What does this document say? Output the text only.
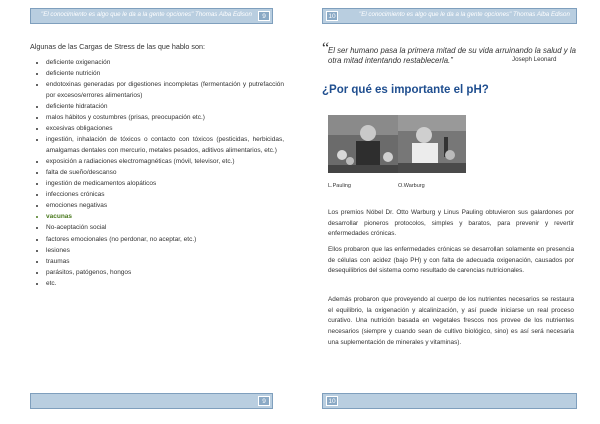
"El conocimiento es algo que le da a la gente opciones" Thomas Alba Edison	9
Algunas de las Cargas de Stress de las que hablo son:
• deficiente oxigenación
• deficiente nutrición
• endotoxinas generadas por digestiones incompletas (fermentación y putrefacción por excesos/errores alimentarios)
• deficiente hidratación
• malos hábitos y costumbres (prisas, preocupación etc.)
• excesivas obligaciones
• ingestión, inhalación de tóxicos o contacto con tóxicos (pesticidas, herbicidas, amalgamas dentales con mercurio, metales pesados, aditivos alimentarios, etc.)
• exposición a radiaciones electromagnéticas (móvil, televisor, etc.)
• falta de sueño/descanso
• ingestión de medicamentos alopáticos
• infecciones crónicas
• emociones negativas
• vacunas
• No-aceptación social
• factores emocionales (no perdonar, no aceptar, etc.)
• lesiones
• traumas
• parásitos, patógenos, hongos
• etc.
9
10	"El conocimiento es algo que le da a la gente opciones" Thomas Alba Edison
“
El ser humano pasa la primera mitad de su vida arruinando la salud y la otra mitad intentando restablecerla.”	Joseph Leonard
¿Por qué es importante el pH?
L.Pauling	O.Warburg

Los premios Nóbel Dr. Otto Warburg y Linus Pauling obtuvieron sus galardones por desarrollar pioneros protocolos, simples y baratos, para prevenir y revertir enfermedades crónicas.

Ellos probaron que las enfermedades crónicas se desarrollan solamente en presencia de células con acidez (bajo PH) y con falta de adecuada oxigenación, causados por desequilibrios del sistema como resultado de carencias nutricionales.

Además probaron que proveyendo al cuerpo de los nutrientes necesarios se restaura el equilibrio, la oxigenación y alcalinización, y así puede iniciarse un real proceso curativo. Una nutrición basada en vegetales frescos nos provee de los nutrientes necesarios (siempre y cuando sean de cultivo biológico, sino) es así será necesaria una suplementación de minerales y vitaminas).

10
